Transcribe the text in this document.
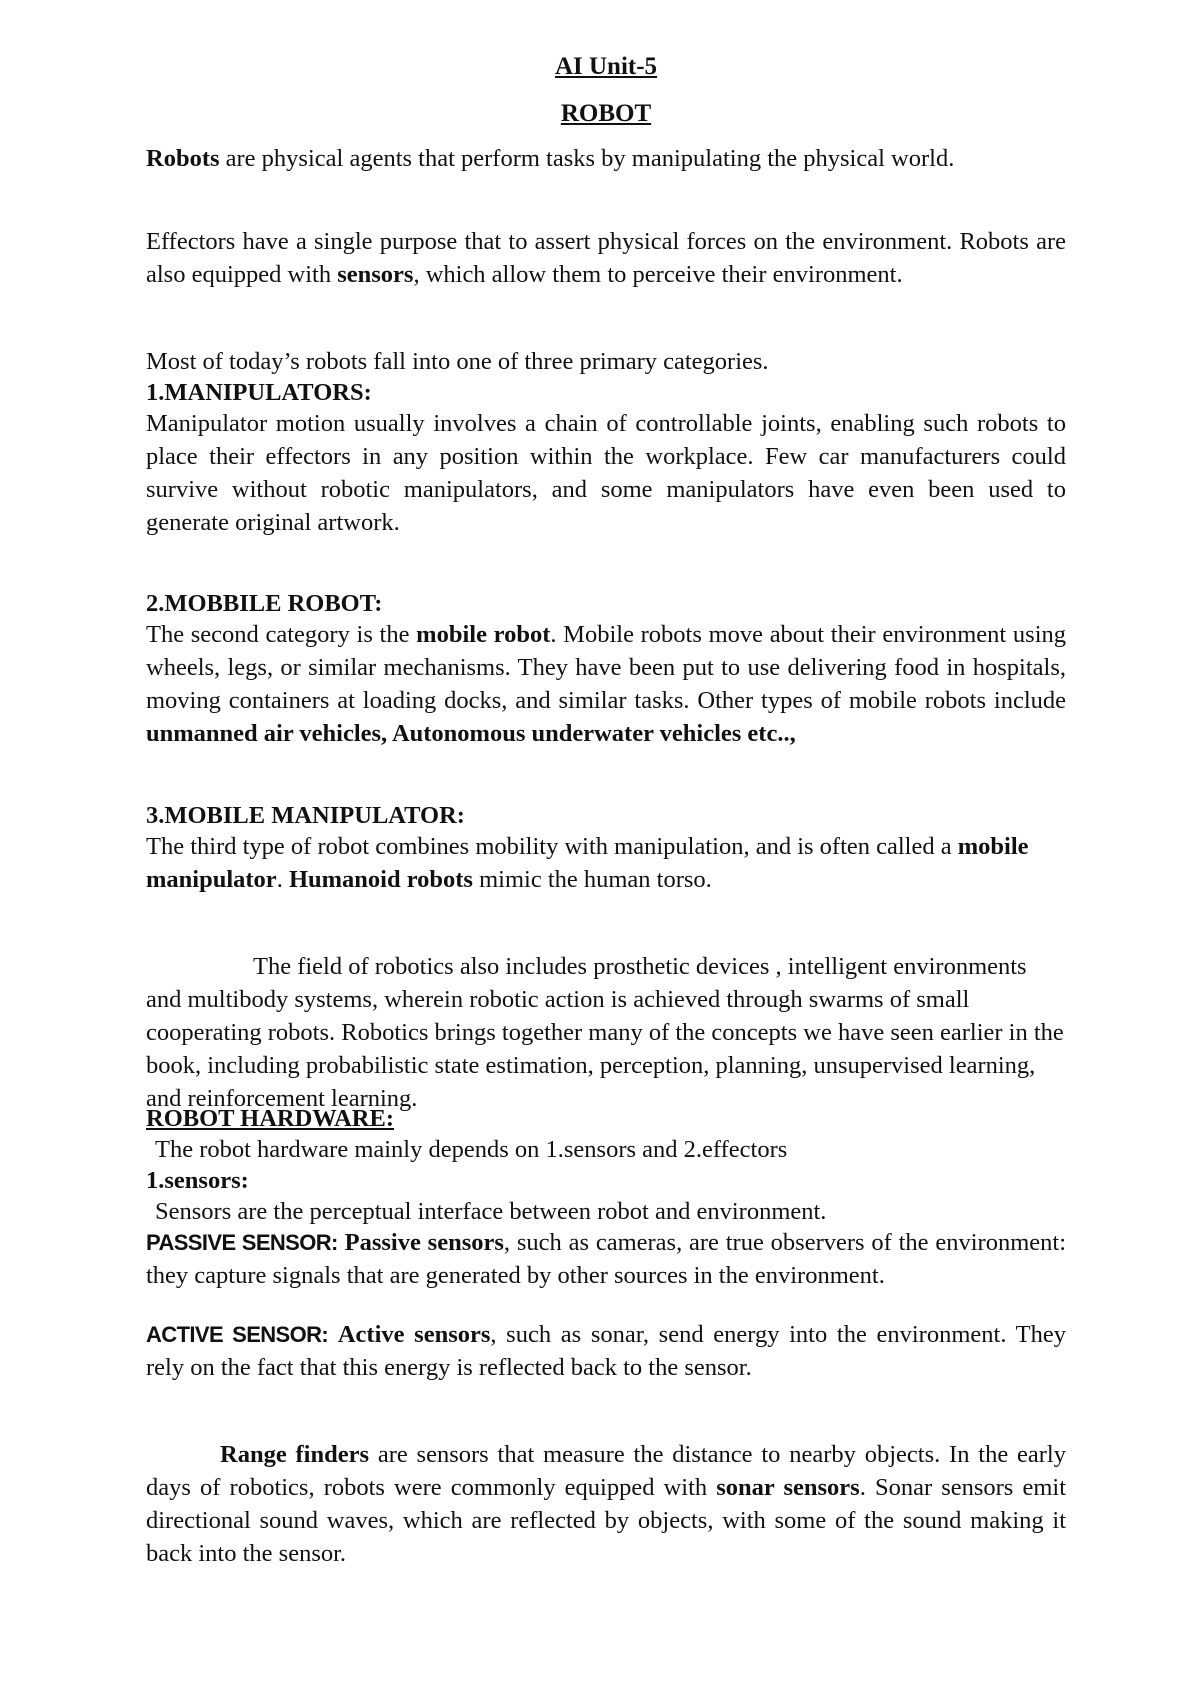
AI Unit-5
ROBOT
Robots are physical agents that perform tasks by manipulating the physical world.
Effectors have a single purpose that to assert physical forces on the environment. Robots are also equipped with sensors, which allow them to perceive their environment.
Most of today’s robots fall into one of three primary categories.
1.MANIPULATORS:
Manipulator motion usually involves a chain of controllable joints, enabling such robots to place their effectors in any position within the workplace. Few car manufacturers could survive without robotic manipulators, and some manipulators have even been used to generate original artwork.
2.MOBBILE ROBOT:
The second category is the mobile robot. Mobile robots move about their environment using wheels, legs, or similar mechanisms. They have been put to use delivering food in hospitals, moving containers at loading docks, and similar tasks. Other types of mobile robots include unmanned air vehicles, Autonomous underwater vehicles etc..,
3.MOBILE MANIPULATOR:
The third type of robot combines mobility with manipulation, and is often called a mobile manipulator. Humanoid robots mimic the human torso.
The field of robotics also includes prosthetic devices , intelligent environments and multibody systems, wherein robotic action is achieved through swarms of small cooperating robots. Robotics brings together many of the concepts we have seen earlier in the book, including probabilistic state estimation, perception, planning, unsupervised learning, and reinforcement learning.
ROBOT HARDWARE:
The robot hardware mainly depends on 1.sensors and 2.effectors
1.sensors:
Sensors are the perceptual interface between robot and environment.
PASSIVE SENSOR: Passive sensors, such as cameras, are true observers of the environment: they capture signals that are generated by other sources in the environment.
ACTIVE SENSOR: Active sensors, such as sonar, send energy into the environment. They rely on the fact that this energy is reflected back to the sensor.
Range finders are sensors that measure the distance to nearby objects. In the early days of robotics, robots were commonly equipped with sonar sensors. Sonar sensors emit directional sound waves, which are reflected by objects, with some of the sound making it back into the sensor.
